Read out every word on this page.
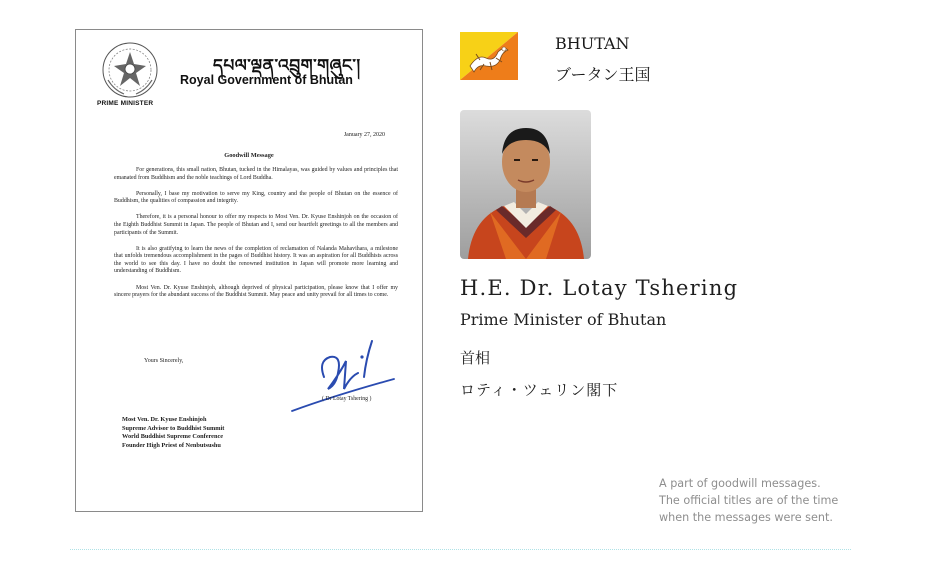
PRIME MINISTER
དཔལ་ལྡན་འབྲུག་གཞུང་།
Royal Government of Bhutan
January 27, 2020
Goodwill Message

For generations, this small nation, Bhutan, tucked in the Himalayas, was guided by values and principles that emanated from Buddhism and the noble teachings of Lord Buddha.

Personally, I base my motivation to serve my King, country and the people of Bhutan on the essence of Buddhism, the qualities of compassion and integrity.

Therefore, it is a personal honour to offer my respects to Most Ven. Dr. Kyuse Enshinjoh on the occasion of the Eighth Buddhist Summit in Japan. The people of Bhutan and I, send our heartfelt greetings to all the members and participants of the Summit.

It is also gratifying to learn the news of the completion of reclamation of Nalanda Mahavihara, a milestone that unfolds tremendous accomplishment in the pages of Buddhist history. It was an aspiration for all Buddhists across the world to see this day. I have no doubt the renowned institution in Japan will promote more learning and understanding of Buddhism.

Most Ven. Dr. Kyuse Enshinjoh, although deprived of physical participation, please know that I offer my sincere prayers for the abundant success of the Buddhist Summit. May peace and unity prevail for all times to come.

Yours Sincerely,
( Dr Lotay Tshering )
Most Ven. Dr. Kyuse Enshinjoh
Supreme Advisor to Buddhist Summit
World Buddhist Supreme Conference
Founder High Priest of Nenbutsushu
BHUTAN
ブータン王国
H.E. Dr. Lotay Tshering
Prime Minister of Bhutan
首相
ロティ・ツェリン閣下
A part of goodwill messages.
The official titles are of the time
when the messages were sent.
